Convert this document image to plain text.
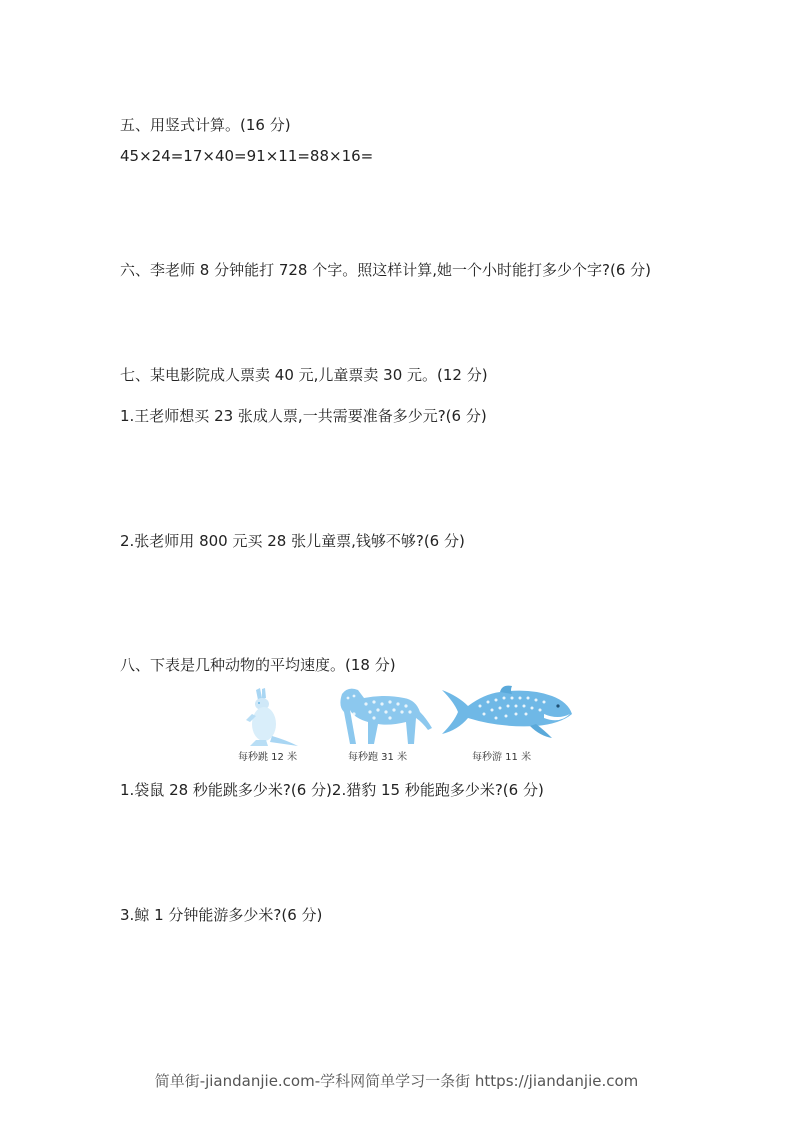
五、用竖式计算。(16 分)
45×24=17×40=91×11=88×16=
六、李老师 8 分钟能打 728 个字。照这样计算,她一个小时能打多少个字?(6 分)
七、某电影院成人票卖 40 元,儿童票卖 30 元。(12 分)
1.王老师想买 23 张成人票,一共需要准备多少元?(6 分)
2.张老师用 800 元买 28 张儿童票,钱够不够?(6 分)
八、下表是几种动物的平均速度。(18 分)
每秒跳 12 米	每秒跑 31 米	每秒游 11 米
1.袋鼠 28 秒能跳多少米?(6 分)2.猎豹 15 秒能跑多少米?(6 分)
3.鲸 1 分钟能游多少米?(6 分)
简单街-jiandanjie.com-学科网简单学习一条街 https://jiandanjie.com
